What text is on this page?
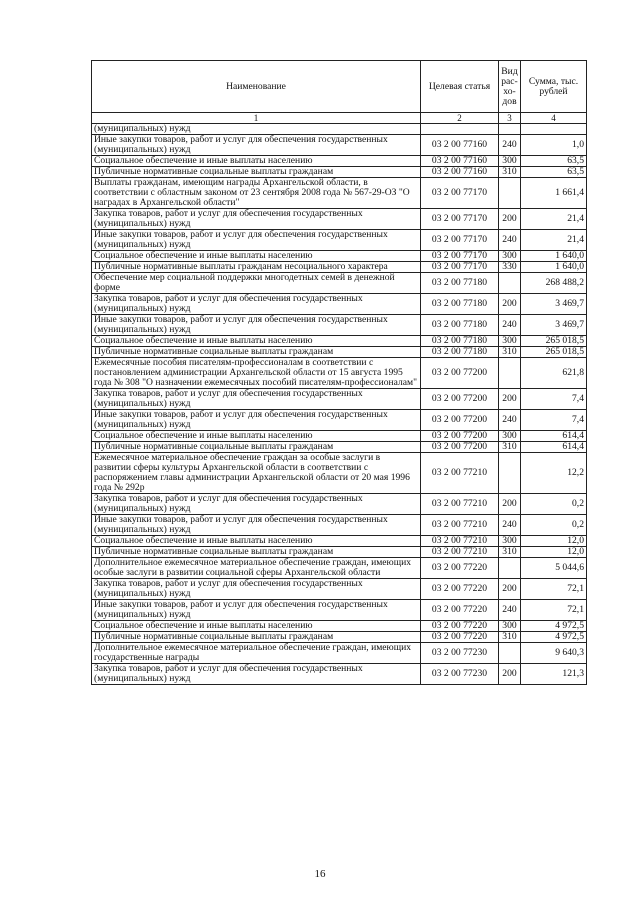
Наименование	Целевая статья	Вид рас-хо-дов	Сумма, тыс. рублей
1	2	3	4
(муниципальных) нужд			
Иные закупки товаров, работ и услуг для обеспечения государственных (муниципальных) нужд	03 2 00 77160	240	1,0
Социальное обеспечение и иные выплаты населению	03 2 00 77160	300	63,5
Публичные нормативные социальные выплаты гражданам	03 2 00 77160	310	63,5
Выплаты гражданам, имеющим награды Архангельской области, в соответствии с областным законом от 23 сентября 2008 года № 567-29-ОЗ "О наградах в Архангельской области"	03 2 00 77170		1 661,4
Закупка товаров, работ и услуг для обеспечения государственных (муниципальных) нужд	03 2 00 77170	200	21,4
Иные закупки товаров, работ и услуг для обеспечения государственных (муниципальных) нужд	03 2 00 77170	240	21,4
Социальное обеспечение и иные выплаты населению	03 2 00 77170	300	1 640,0
Публичные нормативные выплаты гражданам несоциального характера	03 2 00 77170	330	1 640,0
Обеспечение мер социальной поддержки многодетных семей в денежной форме	03 2 00 77180		268 488,2
Закупка товаров, работ и услуг для обеспечения государственных (муниципальных) нужд	03 2 00 77180	200	3 469,7
Иные закупки товаров, работ и услуг для обеспечения государственных (муниципальных) нужд	03 2 00 77180	240	3 469,7
Социальное обеспечение и иные выплаты населению	03 2 00 77180	300	265 018,5
Публичные нормативные социальные выплаты гражданам	03 2 00 77180	310	265 018,5
Ежемесячные пособия писателям-профессионалам в соответствии с постановлением администрации Архангельской области от 15 августа 1995 года № 308 "О назначении ежемесячных пособий писателям-профессионалам"	03 2 00 77200		621,8
Закупка товаров, работ и услуг для обеспечения государственных (муниципальных) нужд	03 2 00 77200	200	7,4
Иные закупки товаров, работ и услуг для обеспечения государственных (муниципальных) нужд	03 2 00 77200	240	7,4
Социальное обеспечение и иные выплаты населению	03 2 00 77200	300	614,4
Публичные нормативные социальные выплаты гражданам	03 2 00 77200	310	614,4
Ежемесячное материальное обеспечение граждан за особые заслуги в развитии сферы культуры Архангельской области в соответствии с распоряжением главы администрации Архангельской области от 20 мая 1996 года № 292р	03 2 00 77210		12,2
Закупка товаров, работ и услуг для обеспечения государственных (муниципальных) нужд	03 2 00 77210	200	0,2
Иные закупки товаров, работ и услуг для обеспечения государственных (муниципальных) нужд	03 2 00 77210	240	0,2
Социальное обеспечение и иные выплаты населению	03 2 00 77210	300	12,0
Публичные нормативные социальные выплаты гражданам	03 2 00 77210	310	12,0
Дополнительное ежемесячное материальное обеспечение граждан, имеющих особые заслуги в развитии социальной сферы Архангельской области	03 2 00 77220		5 044,6
Закупка товаров, работ и услуг для обеспечения государственных (муниципальных) нужд	03 2 00 77220	200	72,1
Иные закупки товаров, работ и услуг для обеспечения государственных (муниципальных) нужд	03 2 00 77220	240	72,1
Социальное обеспечение и иные выплаты населению	03 2 00 77220	300	4 972,5
Публичные нормативные социальные выплаты гражданам	03 2 00 77220	310	4 972,5
Дополнительное ежемесячное материальное обеспечение граждан, имеющих государственные награды	03 2 00 77230		9 640,3
Закупка товаров, работ и услуг для обеспечения государственных (муниципальных) нужд	03 2 00 77230	200	121,3
16
